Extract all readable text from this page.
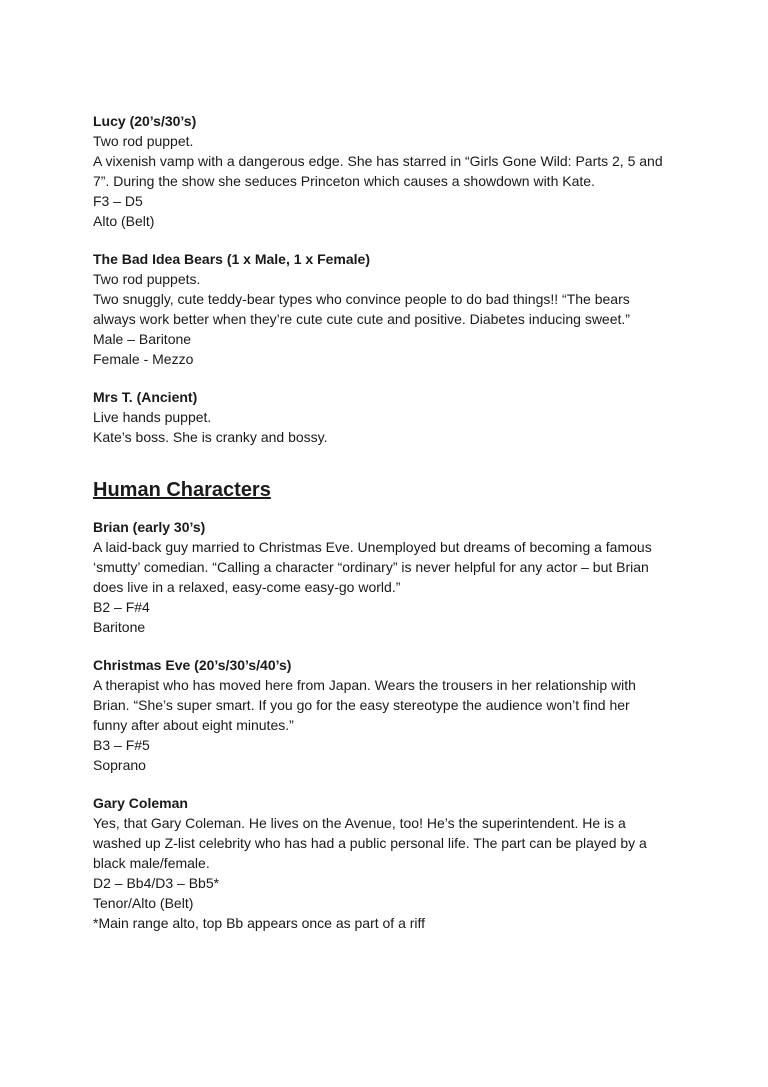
Lucy (20’s/30’s)

Two rod puppet.

A vixenish vamp with a dangerous edge. She has starred in “Girls Gone Wild: Parts 2, 5 and

7”. During the show she seduces Princeton which causes a showdown with Kate.

F3 – D5

Alto (Belt)

The Bad Idea Bears (1 x Male, 1 x Female)

Two rod puppets.

Two snuggly, cute teddy-bear types who convince people to do bad things!! “The bears

always work better when they’re cute cute cute and positive. Diabetes inducing sweet.”

Male – Baritone

Female - Mezzo

Mrs T. (Ancient)

Live hands puppet.

Kate’s boss. She is cranky and bossy.

Human Characters

Brian (early 30’s)

A laid-back guy married to Christmas Eve. Unemployed but dreams of becoming a famous

‘smutty’ comedian. “Calling a character “ordinary” is never helpful for any actor – but Brian

does live in a relaxed, easy-come easy-go world.”

B2 – F#4

Baritone

Christmas Eve (20’s/30’s/40’s)

A therapist who has moved here from Japan. Wears the trousers in her relationship with

Brian. “She’s super smart. If you go for the easy stereotype the audience won’t find her

funny after about eight minutes.”

B3 – F#5

Soprano

Gary Coleman

Yes, that Gary Coleman. He lives on the Avenue, too! He’s the superintendent. He is a

washed up Z-list celebrity who has had a public personal life. The part can be played by a

black male/female.

D2 – Bb4/D3 – Bb5*

Tenor/Alto (Belt)

*Main range alto, top Bb appears once as part of a riff
